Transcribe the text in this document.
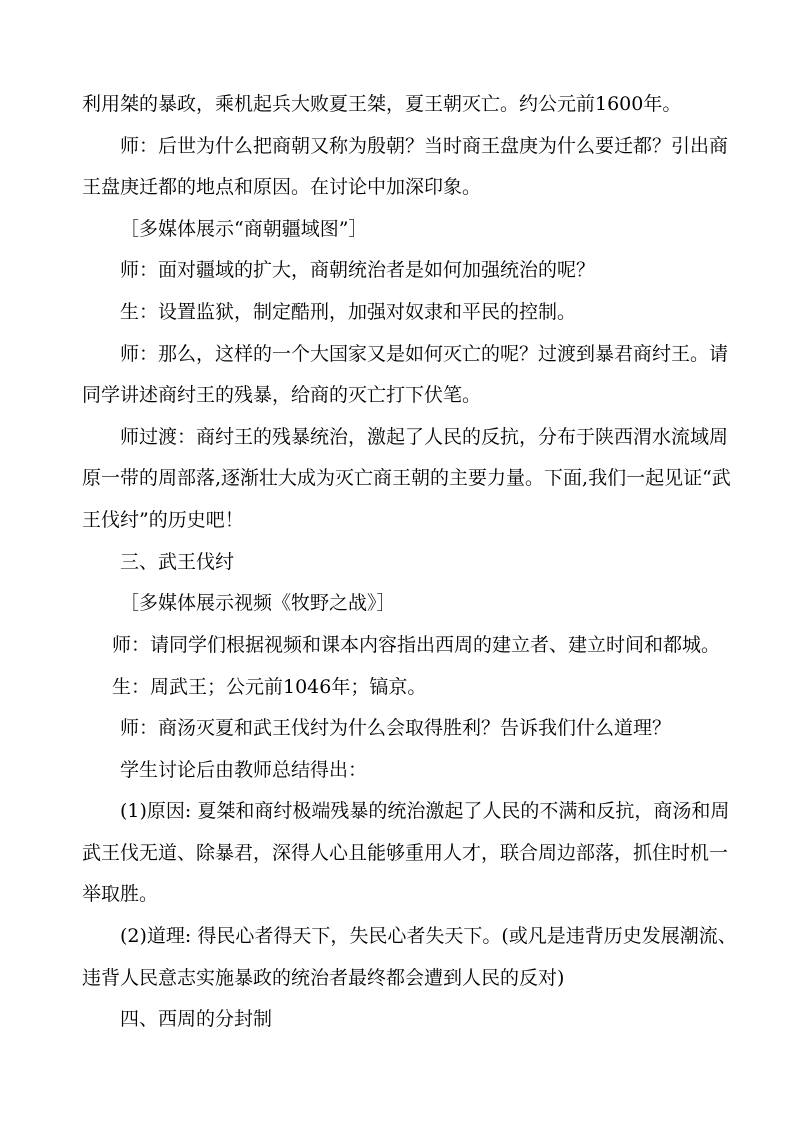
利用桀的暴政，乘机起兵大败夏王桀，夏王朝灭亡。约公元前1600年。
师：后世为什么把商朝又称为殷朝？当时商王盘庚为什么要迁都？引出商
王盘庚迁都的地点和原因。在讨论中加深印象。
［多媒体展示“商朝疆域图”］
师：面对疆域的扩大，商朝统治者是如何加强统治的呢？
生：设置监狱，制定酷刑，加强对奴隶和平民的控制。
师：那么，这样的一个大国家又是如何灭亡的呢？过渡到暴君商纣王。请
同学讲述商纣王的残暴，给商的灭亡打下伏笔。
师过渡：商纣王的残暴统治，激起了人民的反抗，分布于陕西渭水流域周
原一带的周部落,逐渐壮大成为灭亡商王朝的主要力量。下面,我们一起见证“武
王伐纣”的历史吧！
三、武王伐纣
［多媒体展示视频《牧野之战》］
师：请同学们根据视频和课本内容指出西周的建立者、建立时间和都城。
生：周武王；公元前1046年；镐京。
师：商汤灭夏和武王伐纣为什么会取得胜利？告诉我们什么道理？
学生讨论后由教师总结得出：
(1)原因: 夏桀和商纣极端残暴的统治激起了人民的不满和反抗，商汤和周
武王伐无道、除暴君，深得人心且能够重用人才，联合周边部落，抓住时机一
举取胜。
(2)道理: 得民心者得天下，失民心者失天下。(或凡是违背历史发展潮流、
违背人民意志实施暴政的统治者最终都会遭到人民的反对)
四、西周的分封制
